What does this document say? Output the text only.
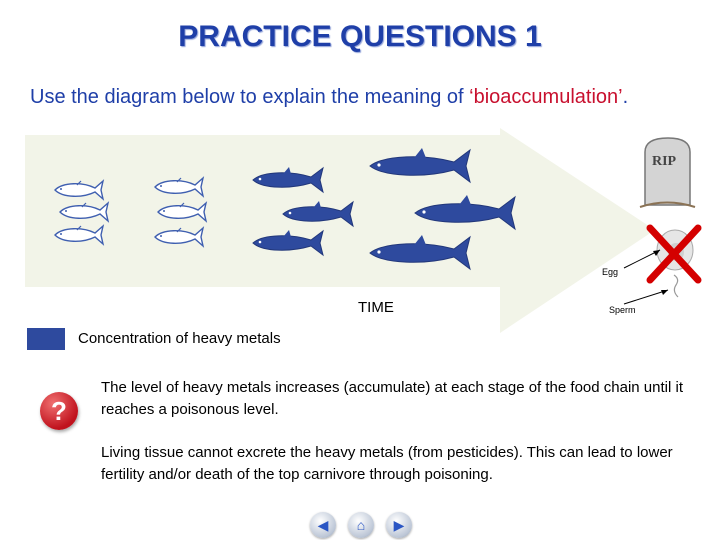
PRACTICE QUESTIONS 1
Use the diagram below to explain the meaning of ‘bioaccumulation’.
TIME
RIP
Egg
Sperm
Concentration of heavy metals
?
The level of heavy metals increases (accumulate) at each stage of the food chain until it reaches a poisonous level.
Living tissue cannot excrete the heavy metals (from pesticides). This can lead to lower fertility and/or death of the top carnivore through poisoning.
◀	⌂	▶
